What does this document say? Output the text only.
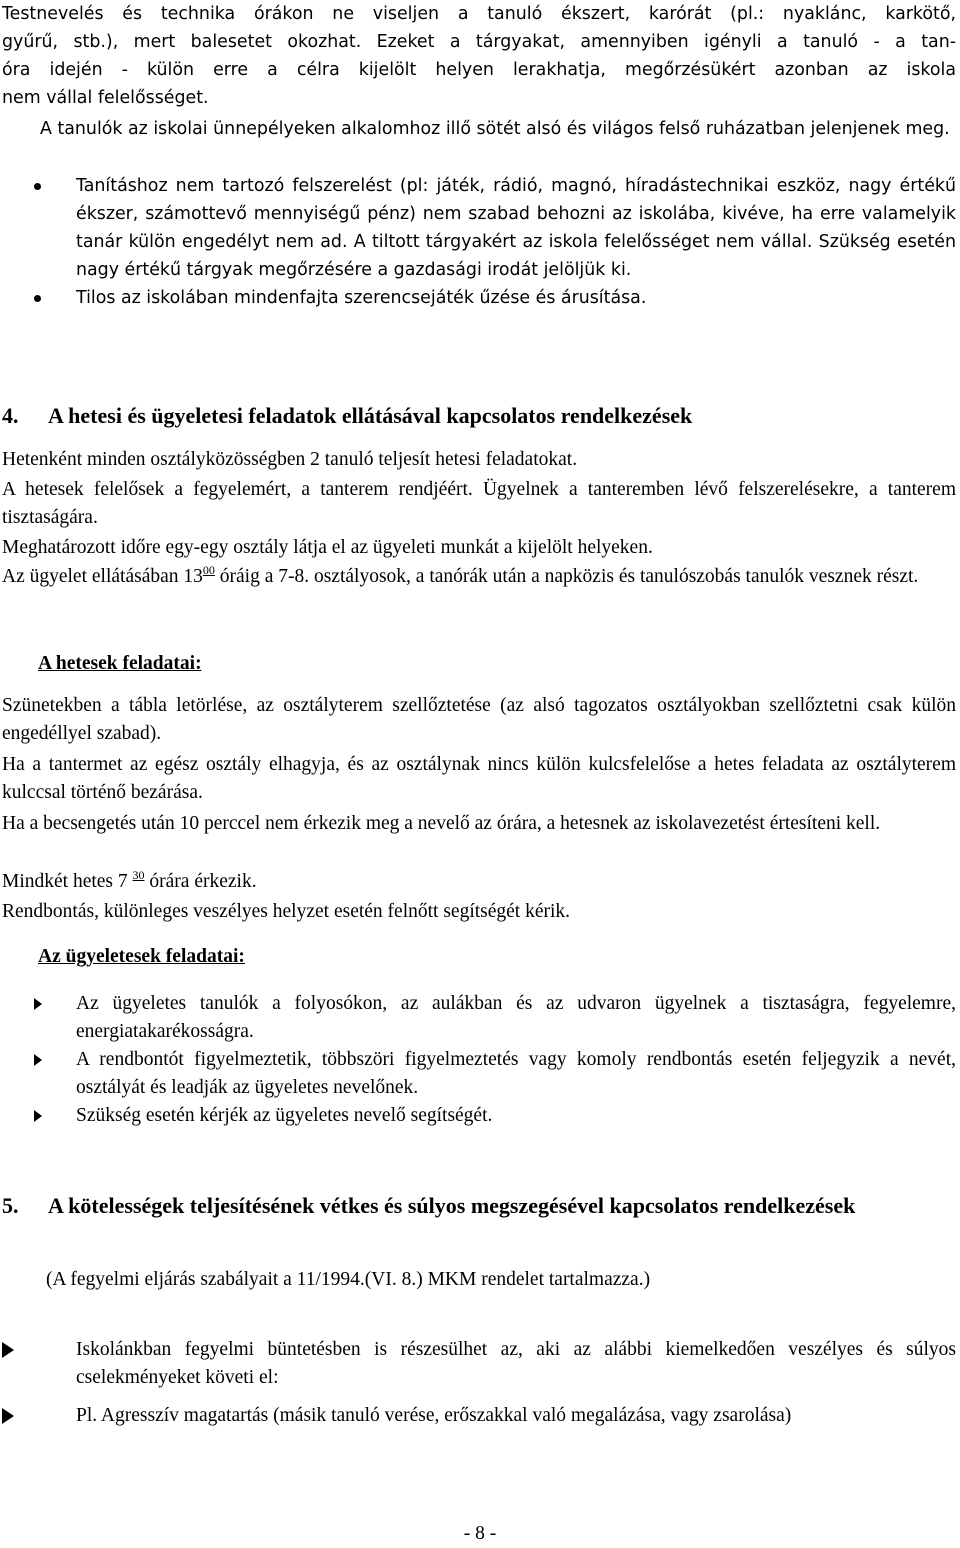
Testnevelés és technika órákon ne viseljen a tanuló ékszert, karórát (pl.: nyaklánc, karkötő,
gyűrű, stb.), mert balesetet okozhat. Ezeket a tárgyakat, amennyiben igényli a tanuló - a tan-
óra idején - külön erre a célra kijelölt helyen lerakhatja, megőrzésükért azonban az iskola
nem vállal felelősséget.

A tanulók az iskolai ünnepélyeken alkalomhoz illő sötét alsó és világos felső ruházatban jelenjenek meg.

Tanításhoz nem tartozó felszerelést (pl: játék, rádió, magnó, híradástechnikai eszköz, nagy értékű ékszer, számottevő mennyiségű pénz) nem szabad behozni az iskolába, kivéve, ha erre valamelyik tanár külön engedélyt nem ad. A tiltott tárgyakért az iskola felelősséget nem vállal. Szükség esetén nagy értékű tárgyak megőrzésére a gazdasági irodát jelöljük ki.
Tilos az iskolában mindenfajta szerencsejáték űzése és árusítása.
4. A hetesi és ügyeletesi feladatok ellátásával kapcsolatos rendelkezések

Hetenként minden osztályközösségben 2 tanuló teljesít hetesi feladatokat.

A hetesek felelősek a fegyelemért, a tanterem rendjéért. Ügyelnek a tanteremben lévő felszerelésekre, a tanterem tisztaságára.

Meghatározott időre egy-egy osztály látja el az ügyeleti munkát a kijelölt helyeken.

Az ügyelet ellátásában $13^{00}$ óráig a 7-8. osztályosok, a tanórák után a napközis és tanulószobás tanulók vesznek részt.

A hetesek feladatai:

Szünetekben a tábla letörlése, az osztályterem szellőztetése (az alsó tagozatos osztályokban szellőztetni csak külön engedéllyel szabad).

Ha a tantermet az egész osztály elhagyja, és az osztálynak nincs külön kulcsfelelőse a hetes feladata az osztályterem kulccsal történő bezárása.

Ha a becsengetés után 10 perccel nem érkezik meg a nevelő az órára, a hetesnek az iskolavezetést értesíteni kell.

Mindkét hetes 7 $^{30}$ órára érkezik.

Rendbontás, különleges veszélyes helyzet esetén felnőtt segítségét kérik.

Az ügyeletesek feladatai:

Az ügyeletes tanulók a folyosókon, az aulákban és az udvaron ügyelnek a tisztaságra, fegyelemre, energiatakarékosságra.
A rendbontót figyelmeztetik, többszöri figyelmeztetés vagy komoly rendbontás esetén feljegyzik a nevét, osztályát és leadják az ügyeletes nevelőnek.
Szükség esetén kérjék az ügyeletes nevelő segítségét.
5. A kötelességek teljesítésének vétkes és súlyos megszegésével kapcsolatos rendelkezések

(A fegyelmi eljárás szabályait a 11/1994.(VI. 8.) MKM rendelet tartalmazza.)

Iskolánkban fegyelmi büntetésben is részesülhet az, aki az alábbi kiemelkedően veszélyes és súlyos cselekményeket követi el:
Pl. Agresszív magatartás (másik tanuló verése, erőszakkal való megalázása, vagy zsarolása)
- 8 -
